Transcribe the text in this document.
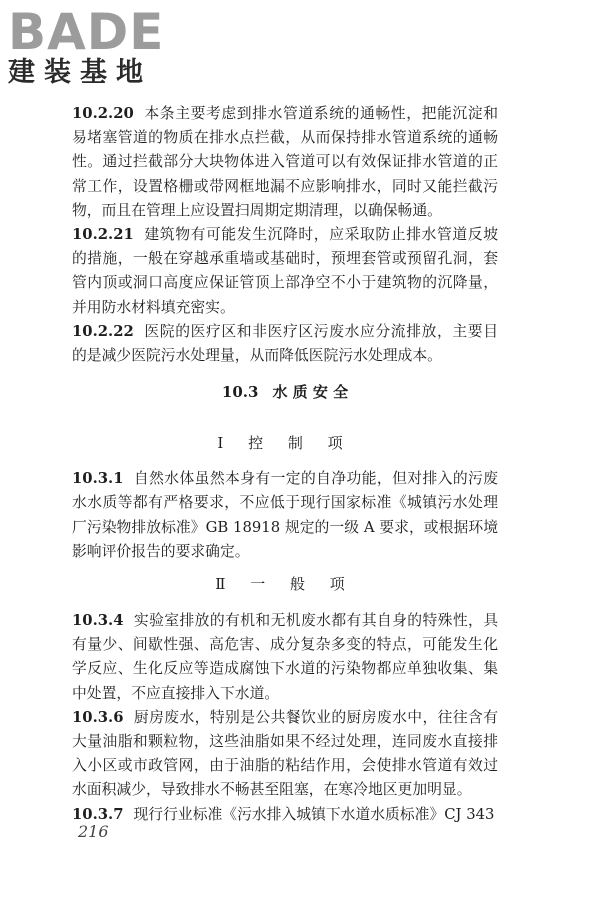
BADE
建装基地

10.2.20 本条主要考虑到排水管道系统的通畅性，把能沉淀和易堵塞管道的物质在排水点拦截，从而保持排水管道系统的通畅性。通过拦截部分大块物体进入管道可以有效保证排水管道的正常工作，设置格栅或带网框地漏不应影响排水，同时又能拦截污物，而且在管理上应设置扫周期定期清理，以确保畅通。

10.2.21 建筑物有可能发生沉降时，应采取防止排水管道反坡的措施，一般在穿越承重墙或基础时，预埋套管或预留孔洞，套管内顶或洞口高度应保证管顶上部净空不小于建筑物的沉降量，并用防水材料填充密实。

10.2.22 医院的医疗区和非医疗区污废水应分流排放，主要目的是减少医院污水处理量，从而降低医院污水处理成本。

10.3 水 质 安 全
Ⅰ 控 制 项

10.3.1 自然水体虽然本身有一定的自净功能，但对排入的污废水水质等都有严格要求，不应低于现行国家标准《城镇污水处理厂污染物排放标准》GB 18918 规定的一级 A 要求，或根据环境影响评价报告的要求确定。

Ⅱ 一 般 项

10.3.4 实验室排放的有机和无机废水都有其自身的特殊性，具有量少、间歇性强、高危害、成分复杂多变的特点，可能发生化学反应、生化反应等造成腐蚀下水道的污染物都应单独收集、集中处置，不应直接排入下水道。

10.3.6 厨房废水，特别是公共餐饮业的厨房废水中，往往含有大量油脂和颗粒物，这些油脂如果不经过处理，连同废水直接排入小区或市政管网，由于油脂的粘结作用，会使排水管道有效过水面积减少，导致排水不畅甚至阻塞，在寒冷地区更加明显。

10.3.7 现行行业标准《污水排入城镇下水道水质标准》CJ 343

216
